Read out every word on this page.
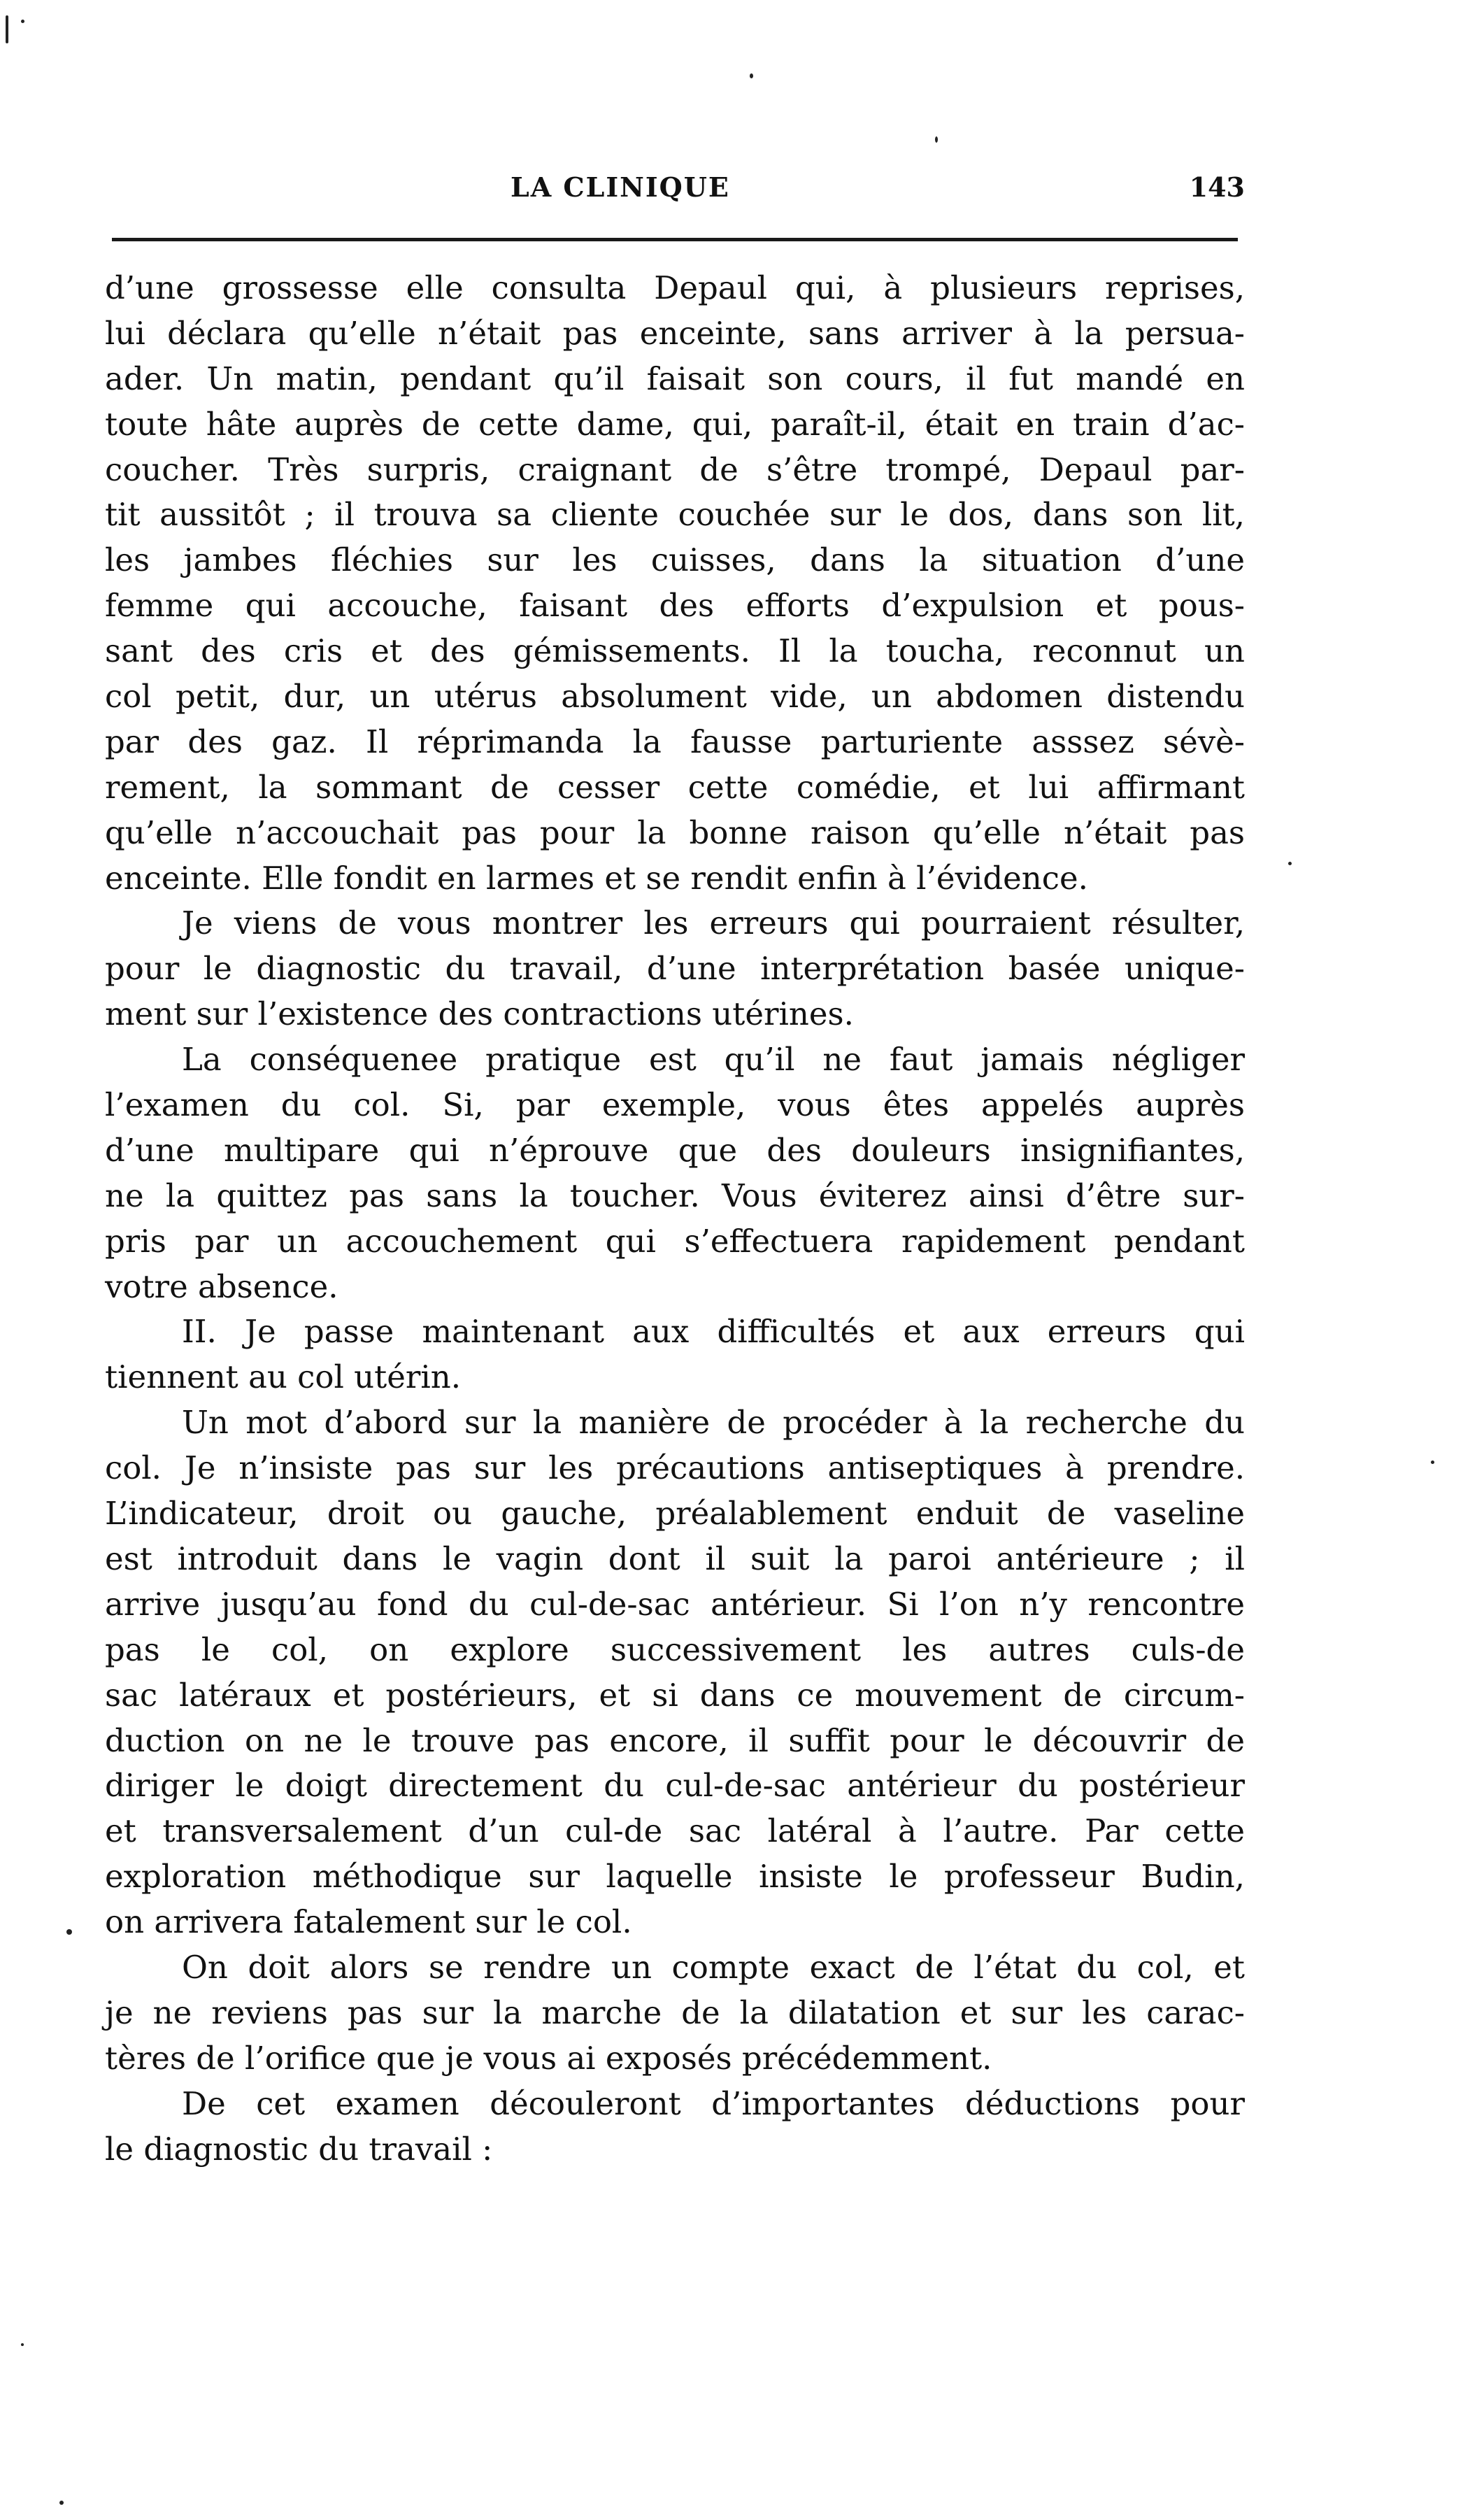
LA CLINIQUE	143
d’une grossesse elle consulta Depaul qui, à plusieurs reprises,
lui déclara qu’elle n’était pas enceinte, sans arriver à la persua-
ader. Un matin, pendant qu’il faisait son cours, il fut mandé en
toute hâte auprès de cette dame, qui, paraît-il, était en train d’ac-
coucher. Très surpris, craignant de s’être trompé, Depaul par-
tit aussitôt ; il trouva sa cliente couchée sur le dos, dans son lit,
les jambes fléchies sur les cuisses, dans la situation d’une
femme qui accouche, faisant des efforts d’expulsion et pous-
sant des cris et des gémissements. Il la toucha, reconnut un
col petit, dur, un utérus absolument vide, un abdomen distendu
par des gaz. Il réprimanda la fausse parturiente asssez sévè-
rement, la sommant de cesser cette comédie, et lui affirmant
qu’elle n’accouchait pas pour la bonne raison qu’elle n’était pas
enceinte. Elle fondit en larmes et se rendit enfin à l’évidence.
Je viens de vous montrer les erreurs qui pourraient résulter,
pour le diagnostic du travail, d’une interprétation basée unique-
ment sur l’existence des contractions utérines.
La conséquenee pratique est qu’il ne faut jamais négliger
l’examen du col. Si, par exemple, vous êtes appelés auprès
d’une multipare qui n’éprouve que des douleurs insignifiantes,
ne la quittez pas sans la toucher. Vous éviterez ainsi d’être sur-
pris par un accouchement qui s’effectuera rapidement pendant
votre absence.
II. Je passe maintenant aux difficultés et aux erreurs qui
tiennent au col utérin.
Un mot d’abord sur la manière de procéder à la recherche du
col. Je n’insiste pas sur les précautions antiseptiques à prendre.
L’indicateur, droit ou gauche, préalablement enduit de vaseline
est introduit dans le vagin dont il suit la paroi antérieure ; il
arrive jusqu’au fond du cul-de-sac antérieur. Si l’on n’y rencontre
pas le col, on explore successivement les autres culs-de
sac latéraux et postérieurs, et si dans ce mouvement de circum-
duction on ne le trouve pas encore, il suffit pour le découvrir de
diriger le doigt directement du cul-de-sac antérieur du postérieur
et transversalement d’un cul-de sac latéral à l’autre. Par cette
exploration méthodique sur laquelle insiste le professeur Budin,
on arrivera fatalement sur le col.
On doit alors se rendre un compte exact de l’état du col, et
je ne reviens pas sur la marche de la dilatation et sur les carac-
tères de l’orifice que je vous ai exposés précédemment.
De cet examen découleront d’importantes déductions pour
le diagnostic du travail :
